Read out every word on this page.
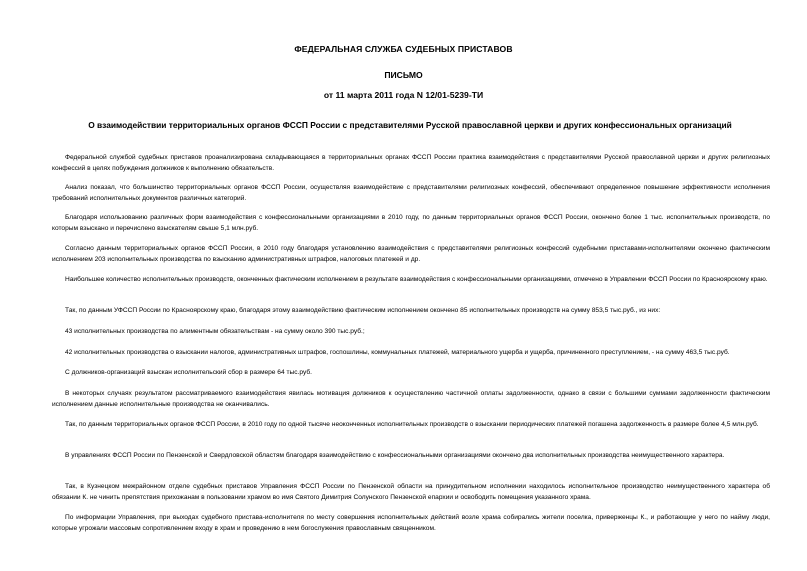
ФЕДЕРАЛЬНАЯ СЛУЖБА СУДЕБНЫХ ПРИСТАВОВ
ПИСЬМО
от 11 марта 2011 года N 12/01-5239-ТИ
О взаимодействии территориальных органов ФССП России с представителями Русской православной церкви и других конфессиональных организаций

Федеральной службой судебных приставов проанализирована складывающаяся в территориальных органах ФССП России практика взаимодействия с представителями Русской православной церкви и других религиозных конфессий в целях побуждения должников к выполнению обязательств.

Анализ показал, что большинство территориальных органов ФССП России, осуществляя взаимодействие с представителями религиозных конфессий, обеспечивают определенное повышение эффективности исполнения требований исполнительных документов различных категорий.

Благодаря использованию различных форм взаимодействия с конфессиональными организациями в 2010 году, по данным территориальных органов ФССП России, окончено более 1 тыс. исполнительных производств, по которым взыскано и перечислено взыскателям свыше 5,1 млн.руб.

Согласно данным территориальных органов ФССП России, в 2010 году благодаря установлению взаимодействия с представителями религиозных конфессий судебными приставами-исполнителями окончено фактическим исполнением 203 исполнительных производства по взысканию административных штрафов, налоговых платежей и др.

Наибольшее количество исполнительных производств, оконченных фактическим исполнением в результате взаимодействия с конфессиональными организациями, отмечено в Управлении ФССП России по Красноярскому краю.

Так, по данным УФССП России по Красноярскому краю, благодаря этому взаимодействию фактическим исполнением окончено 85 исполнительных производств на сумму 853,5 тыс.руб., из них:

43 исполнительных производства по алиментным обязательствам - на сумму около 390 тыс.руб.;

42 исполнительных производства о взыскании налогов, административных штрафов, госпошлины, коммунальных платежей, материального ущерба и ущерба, причиненного преступлением, - на сумму 463,5 тыс.руб.

С должников-организаций взыскан исполнительский сбор в размере 64 тыс.руб.

В некоторых случаях результатом рассматриваемого взаимодействия явилась мотивация должников к осуществлению частичной оплаты задолженности, однако в связи с большими суммами задолженности фактическим исполнением данные исполнительные производства не оканчивались.

Так, по данным территориальных органов ФССП России, в 2010 году по одной тысяче неоконченных исполнительных производств о взыскании периодических платежей погашена задолженность в размере более 4,5 млн.руб.

В управлениях ФССП России по Пензенской и Свердловской областям благодаря взаимодействию с конфессиональными организациями окончено два исполнительных производства неимущественного характера.

Так, в Кузнецком межрайонном отделе судебных приставов Управления ФССП России по Пензенской области на принудительном исполнении находилось исполнительное производство неимущественного характера об обязании К. не чинить препятствия прихожанам в пользовании храмом во имя Святого Димитрия Солунского Пензенской епархии и освободить помещения указанного храма.

По информации Управления, при выходах судебного пристава-исполнителя по месту совершения исполнительных действий возле храма собирались жители поселка, приверженцы К., и работающие у него по найму люди, которые угрожали массовым сопротивлением входу в храм и проведению в нем богослужения православным священником.
